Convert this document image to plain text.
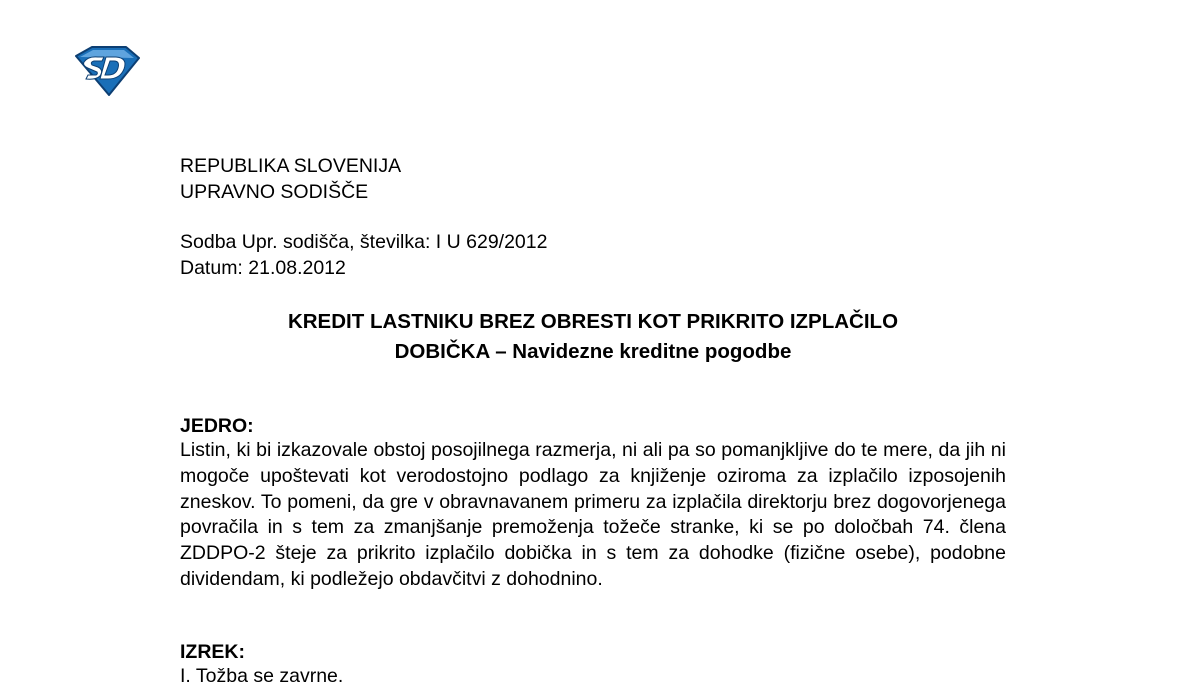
REPUBLIKA SLOVENIJA
UPRAVNO SODIŠČE
Sodba Upr. sodišča, številka: I U 629/2012
Datum: 21.08.2012
KREDIT LASTNIKU BREZ OBRESTI KOT PRIKRITO IZPLAČILO
DOBIČKA – Navidezne kreditne pogodbe
JEDRO:

Listin, ki bi izkazovale obstoj posojilnega razmerja, ni ali pa so pomanjkljive do te mere, da jih ni mogoče upoštevati kot verodostojno podlago za knjiženje oziroma za izplačilo izposojenih zneskov. To pomeni, da gre v obravnavanem primeru za izplačila direktorju brez dogovorjenega povračila in s tem za zmanjšanje premoženja tožeče stranke, ki se po določbah 74. člena ZDDPO-2 šteje za prikrito izplačilo dobička in s tem za dohodke (fizične osebe), podobne dividendam, ki podležejo obdavčitvi z dohodnino.

IZREK:
I. Tožba se zavrne.
